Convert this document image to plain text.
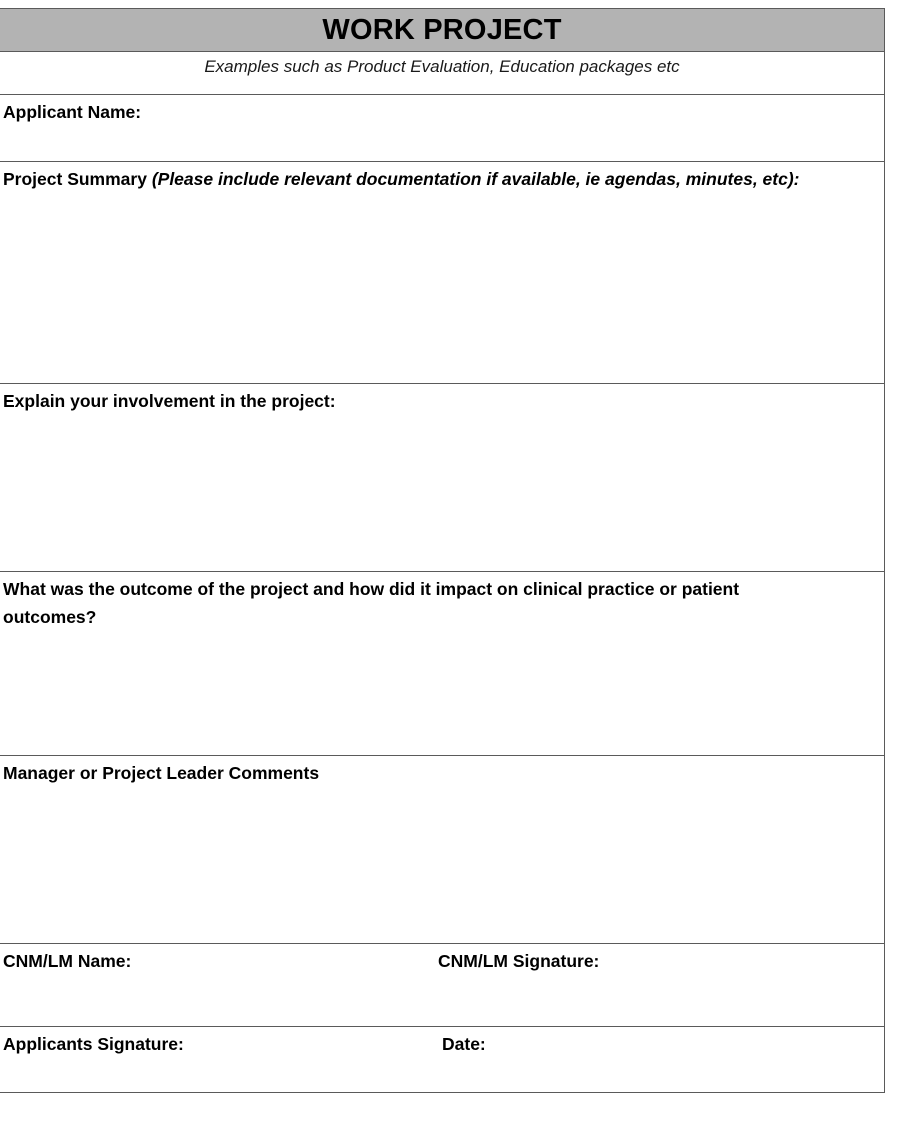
WORK PROJECT
Examples such as Product Evaluation, Education packages etc
Applicant Name:
Project Summary (Please include relevant documentation if available, ie agendas, minutes, etc):
Explain your involvement in the project:
What was the outcome of the project and how did it impact on clinical practice or patient outcomes?
Manager or Project Leader Comments
CNM/LM Name:	CNM/LM Signature:
Applicants Signature:	Date:
